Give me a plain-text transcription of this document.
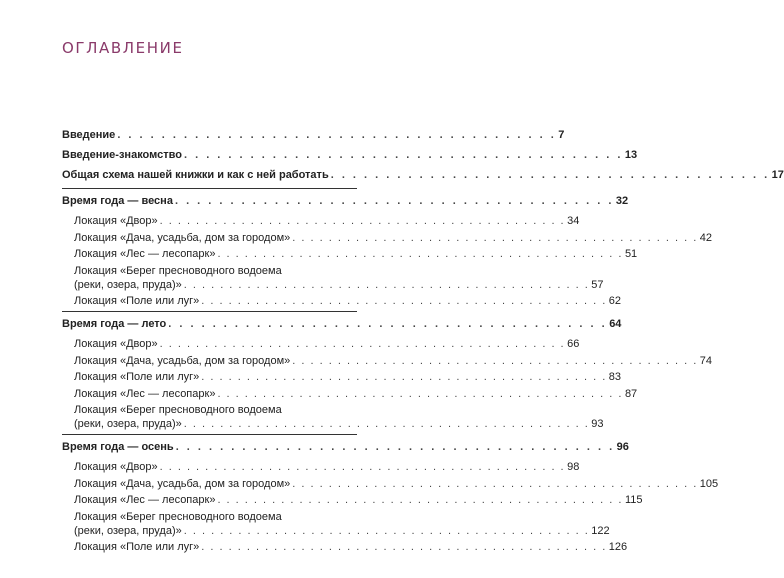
ОГЛАВЛЕНИЕ
Введение . . . . . . . . . . . . . . . . . . . . . . . . . . . . . . . . . . . . . . . . 7
Введение-знакомство . . . . . . . . . . . . . . . . . . . . . . . . . . . . . . . . . . . . . . . . 13
Общая схема нашей книжки и как с ней работать . . . . . . . . . . . . . . . . . . . . . . . . . . . . . . . . . . . . . . . . 17
Время года — весна . . . . . . . . . . . . . . . . . . . . . . . . . . . . . . . . . . . . . . . . 32
Локация «Двор» . . . . . . . . . . . . . . . . . . . . . . . . . . . . . . . . . . . . . . . . . . . . . 34
Локация «Дача, усадьба, дом за городом» . . . . . . . . . . . . . . . . . . . . . . . . . . . . . . . . . . . . . . . . . . . . . 42
Локация «Лес — лесопарк» . . . . . . . . . . . . . . . . . . . . . . . . . . . . . . . . . . . . . . . . . . . . . 51
Локация «Берег пресноводного водоема
(реки, озера, пруда)» . . . . . . . . . . . . . . . . . . . . . . . . . . . . . . . . . . . . . . . . . . . . . 57
Локация «Поле или луг» . . . . . . . . . . . . . . . . . . . . . . . . . . . . . . . . . . . . . . . . . . . . . 62
Время года — лето . . . . . . . . . . . . . . . . . . . . . . . . . . . . . . . . . . . . . . . . 64
Локация «Двор» . . . . . . . . . . . . . . . . . . . . . . . . . . . . . . . . . . . . . . . . . . . . . 66
Локация «Дача, усадьба, дом за городом» . . . . . . . . . . . . . . . . . . . . . . . . . . . . . . . . . . . . . . . . . . . . . 74
Локация «Поле или луг» . . . . . . . . . . . . . . . . . . . . . . . . . . . . . . . . . . . . . . . . . . . . . 83
Локация «Лес — лесопарк» . . . . . . . . . . . . . . . . . . . . . . . . . . . . . . . . . . . . . . . . . . . . . 87
Локация «Берег пресноводного водоема
(реки, озера, пруда)» . . . . . . . . . . . . . . . . . . . . . . . . . . . . . . . . . . . . . . . . . . . . . 93
Время года — осень . . . . . . . . . . . . . . . . . . . . . . . . . . . . . . . . . . . . . . . . 96
Локация «Двор» . . . . . . . . . . . . . . . . . . . . . . . . . . . . . . . . . . . . . . . . . . . . . 98
Локация «Дача, усадьба, дом за городом» . . . . . . . . . . . . . . . . . . . . . . . . . . . . . . . . . . . . . . . . . . . . . 105
Локация «Лес — лесопарк» . . . . . . . . . . . . . . . . . . . . . . . . . . . . . . . . . . . . . . . . . . . . . 115
Локация «Берег пресноводного водоема
(реки, озера, пруда)» . . . . . . . . . . . . . . . . . . . . . . . . . . . . . . . . . . . . . . . . . . . . . 122
Локация «Поле или луг» . . . . . . . . . . . . . . . . . . . . . . . . . . . . . . . . . . . . . . . . . . . . . 126
